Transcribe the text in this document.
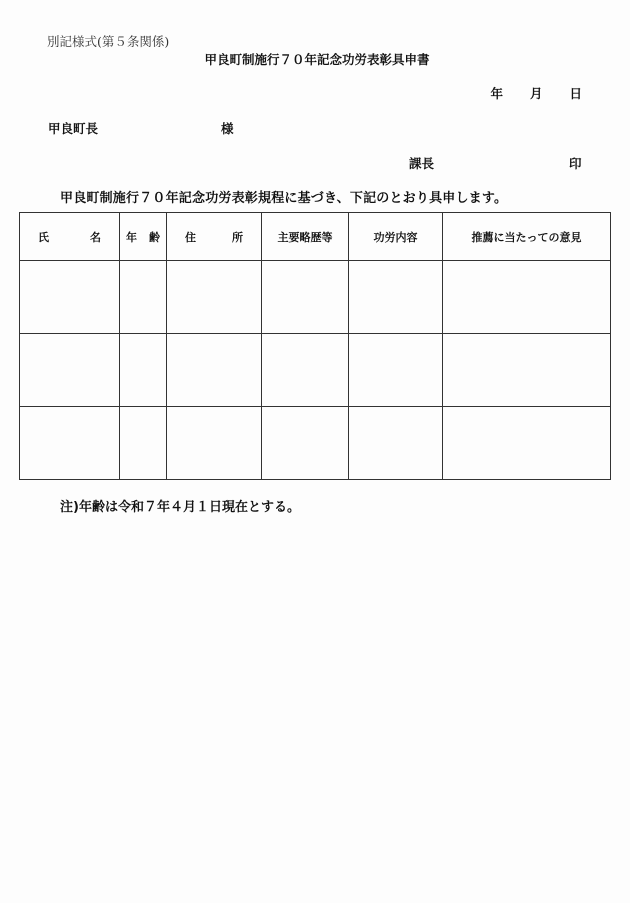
別記様式(第５条関係)
甲良町制施行７０年記念功労表彰具申書
年 月 日
甲良町長	様
課長	印
甲良町制施行７０年記念功労表彰規程に基づき、下記のとおり具申します。
氏 名	年 齢	住 所	主要略歴等	功労内容	推薦に当たっての意見

注)年齢は令和７年４月１日現在とする。
